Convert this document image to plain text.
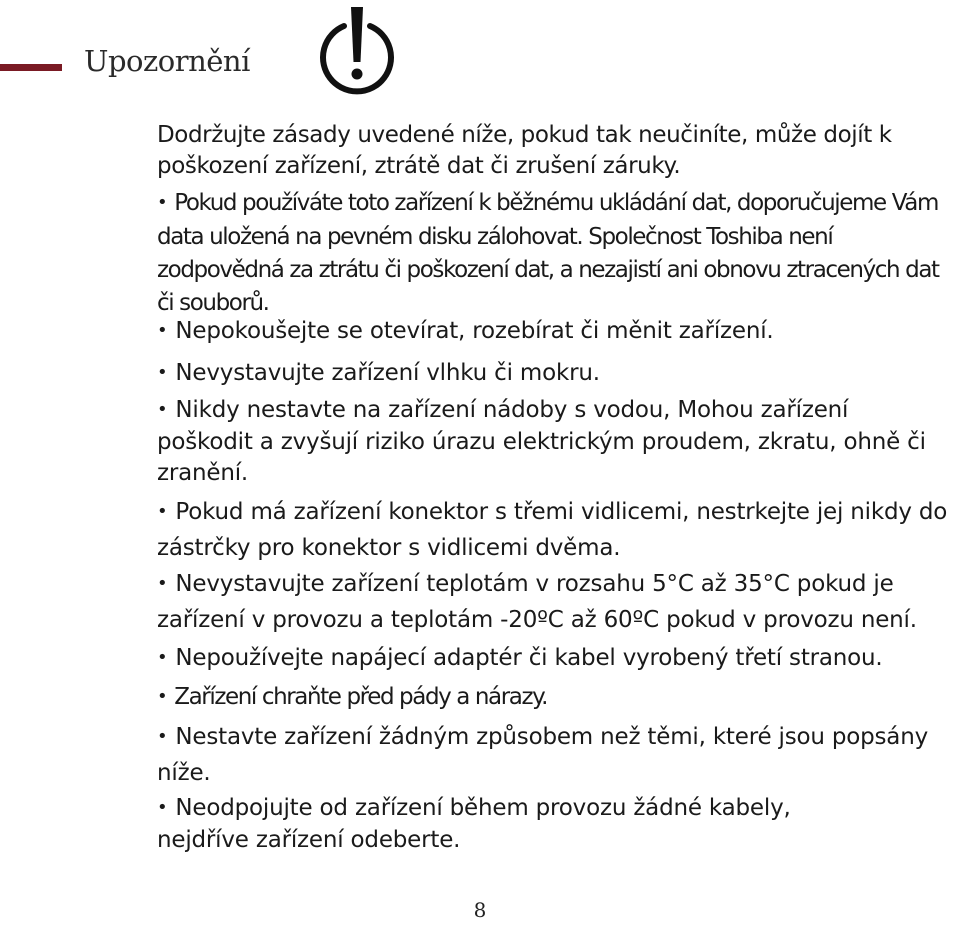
Upozornění
Dodržujte zásady uvedené níže, pokud tak neučiníte, může dojít k poškození zařízení, ztrátě dat či zrušení záruky.
• Pokud používáte toto zařízení k běžnému ukládání dat, doporučujeme Vám data uložená na pevném disku zálohovat. Společnost Toshiba není zodpovědná za ztrátu či poškození dat, a nezajistí ani obnovu ztracených dat či souborů.
• Nepokoušejte se otevírat, rozebírat či měnit zařízení.
• Nevystavujte zařízení vlhku či mokru.
• Nikdy nestavte na zařízení nádoby s vodou, Mohou zařízení poškodit a zvyšují riziko úrazu elektrickým proudem, zkratu, ohně či zranění.
• Pokud má zařízení konektor s třemi vidlicemi, nestrkejte jej nikdy do zástrčky pro konektor s vidlicemi dvěma.
• Nevystavujte zařízení teplotám v rozsahu 5°C až 35°C pokud je zařízení v provozu a teplotám -20ºC až 60ºC pokud v provozu není.
• Nepoužívejte napájecí adaptér či kabel vyrobený třetí stranou.
• Zařízení chraňte před pády a nárazy.
• Nestavte zařízení žádným způsobem než těmi, které jsou popsány níže.
• Neodpojujte od zařízení během provozu žádné kabely, nejdříve zařízení odeberte.
8
